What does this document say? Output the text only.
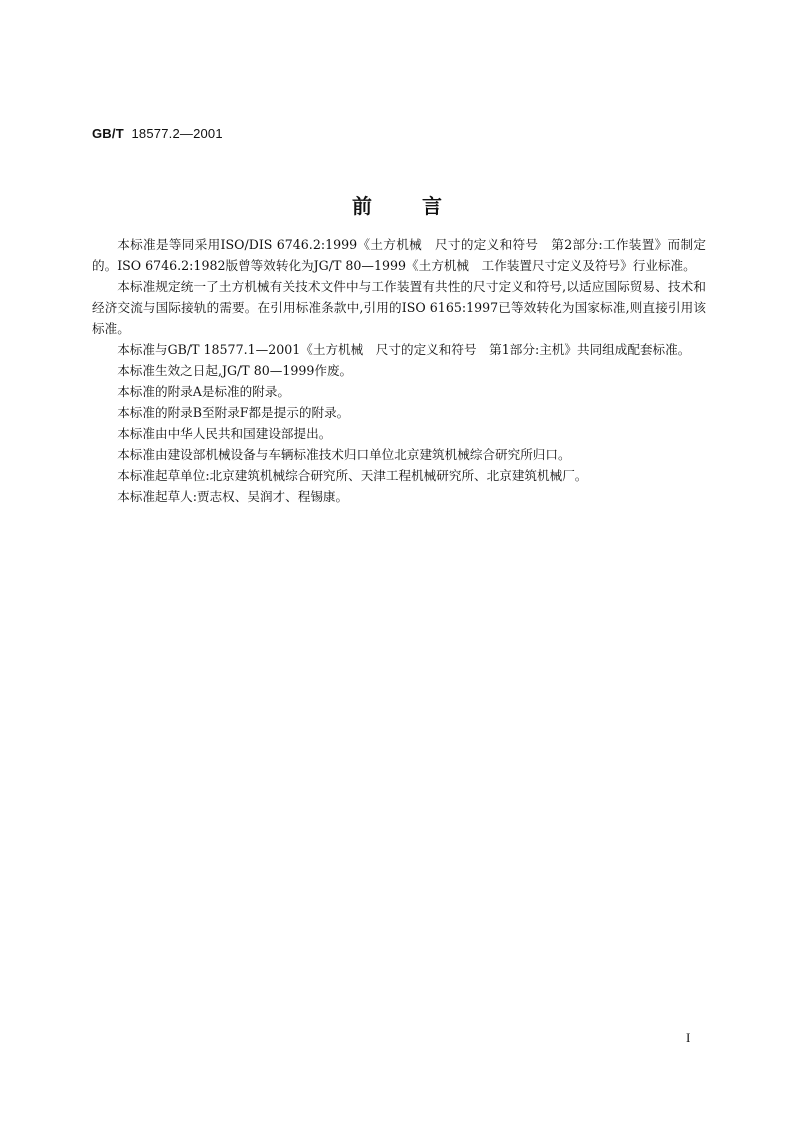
GB/T 18577.2—2001
前言

本标准是等同采用ISO/DIS 6746.2:1999《土方机械　尺寸的定义和符号　第2部分:工作装置》而制定的。ISO 6746.2:1982版曾等效转化为JG/T 80—1999《土方机械　工作装置尺寸定义及符号》行业标准。

本标准规定统一了土方机械有关技术文件中与工作装置有共性的尺寸定义和符号,以适应国际贸易、技术和经济交流与国际接轨的需要。在引用标准条款中,引用的ISO 6165:1997已等效转化为国家标准,则直接引用该标准。

本标准与GB/T 18577.1—2001《土方机械　尺寸的定义和符号　第1部分:主机》共同组成配套标准。

本标准生效之日起,JG/T 80—1999作废。

本标准的附录A是标准的附录。

本标准的附录B至附录F都是提示的附录。

本标准由中华人民共和国建设部提出。

本标准由建设部机械设备与车辆标准技术归口单位北京建筑机械综合研究所归口。

本标准起草单位:北京建筑机械综合研究所、天津工程机械研究所、北京建筑机械厂。

本标准起草人:贾志权、吴润才、程锡康。

I
